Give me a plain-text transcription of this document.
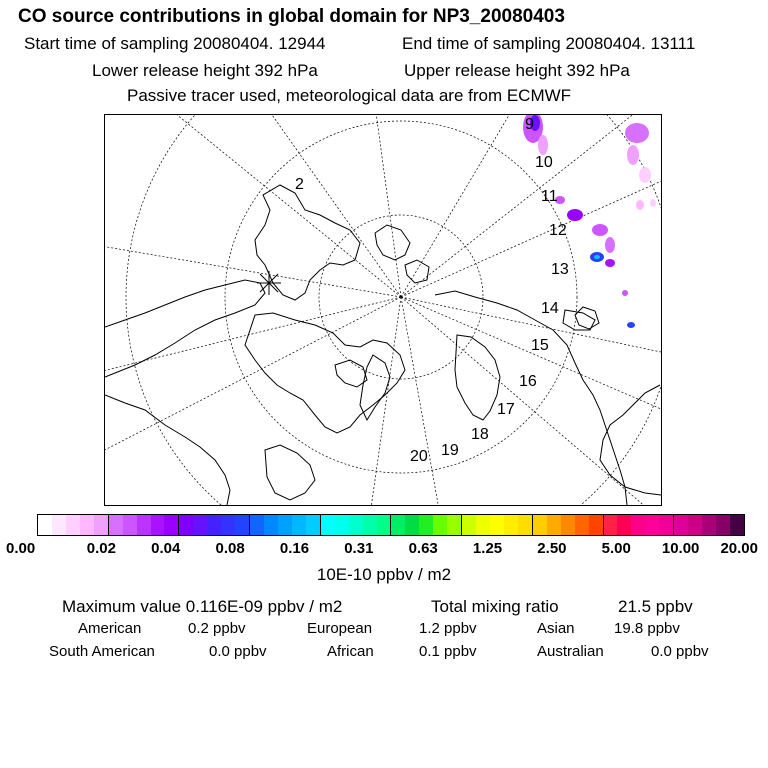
CO source contributions in global domain for NP3_20080403
Start time of sampling 20080404. 12944	End time of sampling 20080404. 13111
Lower release height 392 hPa	Upper release height 392 hPa
Passive tracer used, meteorological data are from ECMWF
2
9
10
11
12
13
14
15
16
17
18
19
20
0.00	0.02 0.04 0.08 0.16 0.31 0.63 1.25 2.50 5.00 10.00 20.00
10E-10 ppbv / m2
Maximum value 0.116E-09 ppbv / m2	Total mixing ratio	21.5 ppbv
American	0.2 ppbv	European	1.2 ppbv	Asian	19.8 ppbv
South American	0.0 ppbv	African	0.1 ppbv	Australian	0.0 ppbv
